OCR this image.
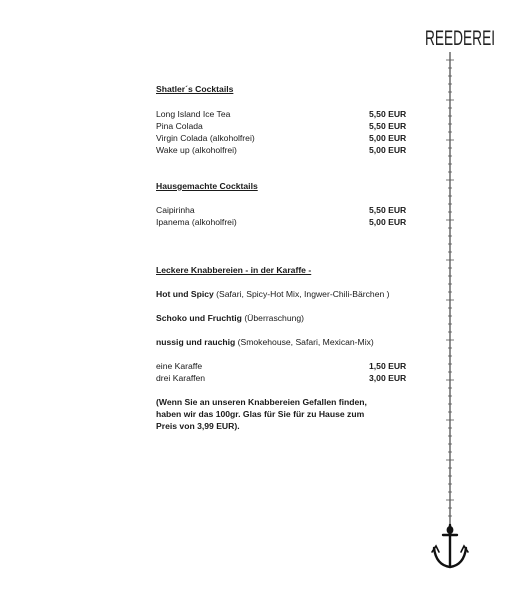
REEDEREI
Shatler´s Cocktails
Long Island Ice Tea	5,50 EUR
Pina Colada	5,50 EUR
Virgin Colada (alkoholfrei)	5,00 EUR
Wake up (alkoholfrei)	5,00 EUR
Hausgemachte Cocktails
Caipirinha	5,50 EUR
Ipanema (alkoholfrei)	5,00 EUR
Leckere Knabbereien - in der Karaffe -
Hot und Spicy (Safari, Spicy-Hot Mix, Ingwer-Chili-Bärchen )
Schoko und Fruchtig (Überraschung)
nussig und rauchig (Smokehouse, Safari, Mexican-Mix)
eine Karaffe	1,50 EUR
drei Karaffen	3,00 EUR
(Wenn Sie an unseren Knabbereien Gefallen finden,
haben wir das 100gr. Glas für Sie für zu Hause zum
Preis von 3,99 EUR).
